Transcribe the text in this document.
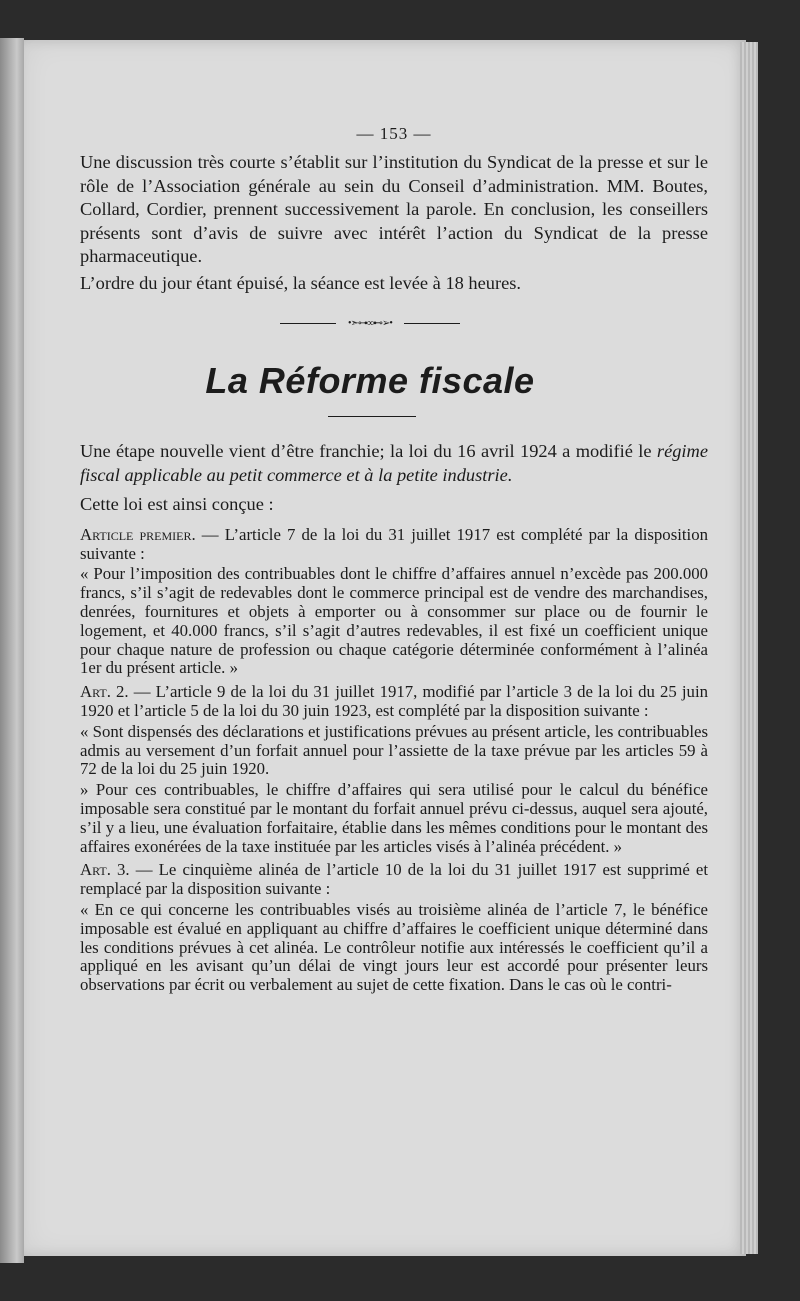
— 153 —

Une discussion très courte s’établit sur l’institution du Syndicat de la presse et sur le rôle de l’Association générale au sein du Conseil d’administration. MM. Boutes, Collard, Cordier, prennent successivement la parole. En conclusion, les conseillers présents sont d’avis de suivre avec intérêt l’action du Syndicat de la presse pharmaceutique.

L’ordre du jour étant épuisé, la séance est levée à 18 heures.

•➣⊶∞⊷➢•
La Réforme fiscale

Une étape nouvelle vient d’être franchie; la loi du 16 avril 1924 a modifié le régime fiscal applicable au petit commerce et à la petite industrie.

Cette loi est ainsi conçue :

Article premier. — L’article 7 de la loi du 31 juillet 1917 est complété par la disposition suivante :

« Pour l’imposition des contribuables dont le chiffre d’affaires annuel n’excède pas 200.000 francs, s’il s’agit de redevables dont le commerce principal est de vendre des marchandises, denrées, fournitures et objets à emporter ou à consommer sur place ou de fournir le logement, et 40.000 francs, s’il s’agit d’autres redevables, il est fixé un coefficient unique pour chaque nature de profession ou chaque catégorie déterminée conformément à l’alinéa 1er du présent article. »

Art. 2. — L’article 9 de la loi du 31 juillet 1917, modifié par l’article 3 de la loi du 25 juin 1920 et l’article 5 de la loi du 30 juin 1923, est complété par la disposition suivante :

« Sont dispensés des déclarations et justifications prévues au présent article, les contribuables admis au versement d’un forfait annuel pour l’assiette de la taxe prévue par les articles 59 à 72 de la loi du 25 juin 1920.

» Pour ces contribuables, le chiffre d’affaires qui sera utilisé pour le calcul du bénéfice imposable sera constitué par le montant du forfait annuel prévu ci-dessus, auquel sera ajouté, s’il y a lieu, une évaluation forfaitaire, établie dans les mêmes conditions pour le montant des affaires exonérées de la taxe instituée par les articles visés à l’alinéa précédent. »

Art. 3. — Le cinquième alinéa de l’article 10 de la loi du 31 juillet 1917 est supprimé et remplacé par la disposition suivante :

« En ce qui concerne les contribuables visés au troisième alinéa de l’article 7, le bénéfice imposable est évalué en appliquant au chiffre d’affaires le coefficient unique déterminé dans les conditions prévues à cet alinéa. Le contrôleur notifie aux intéressés le coefficient qu’il a appliqué en les avisant qu’un délai de vingt jours leur est accordé pour présenter leurs observations par écrit ou verbalement au sujet de cette fixation. Dans le cas où le contri-
